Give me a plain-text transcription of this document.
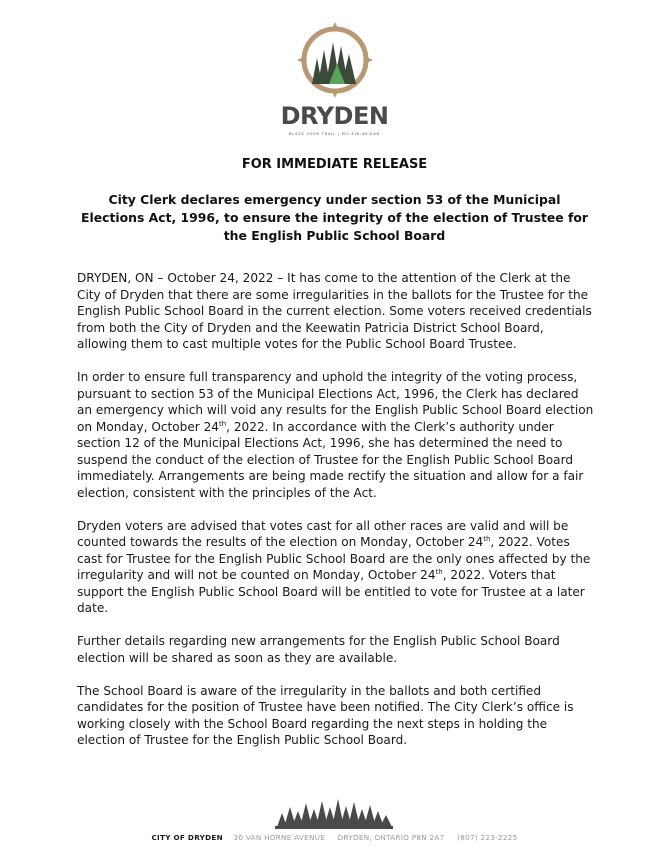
DRYDEN
BLAZE YOUR TRAIL | MII-KIN-AK-KAN
FOR IMMEDIATE RELEASE
City Clerk declares emergency under section 53 of the Municipal Elections Act, 1996, to ensure the integrity of the election of Trustee for the English Public School Board

DRYDEN, ON – October 24, 2022 – It has come to the attention of the Clerk at the City of Dryden that there are some irregularities in the ballots for the Trustee for the English Public School Board in the current election. Some voters received credentials from both the City of Dryden and the Keewatin Patricia District School Board, allowing them to cast multiple votes for the Public School Board Trustee.

In order to ensure full transparency and uphold the integrity of the voting process, pursuant to section 53 of the Municipal Elections Act, 1996, the Clerk has declared an emergency which will void any results for the English Public School Board election on Monday, October 24th, 2022. In accordance with the Clerk’s authority under section 12 of the Municipal Elections Act, 1996, she has determined the need to suspend the conduct of the election of Trustee for the English Public School Board immediately. Arrangements are being made rectify the situation and allow for a fair election, consistent with the principles of the Act.

Dryden voters are advised that votes cast for all other races are valid and will be counted towards the results of the election on Monday, October 24th, 2022. Votes cast for Trustee for the English Public School Board are the only ones affected by the irregularity and will not be counted on Monday, October 24th, 2022. Voters that support the English Public School Board will be entitled to vote for Trustee at a later date.

Further details regarding new arrangements for the English Public School Board election will be shared as soon as they are available.

The School Board is aware of the irregularity in the ballots and both certified candidates for the position of Trustee have been notified. The City Clerk’s office is working closely with the School Board regarding the next steps in holding the election of Trustee for the English Public School Board.

CITY OF DRYDEN 30 VAN HORNE AVENUE DRYDEN, ONTARIO P8N 2A7 (807) 223-2225
